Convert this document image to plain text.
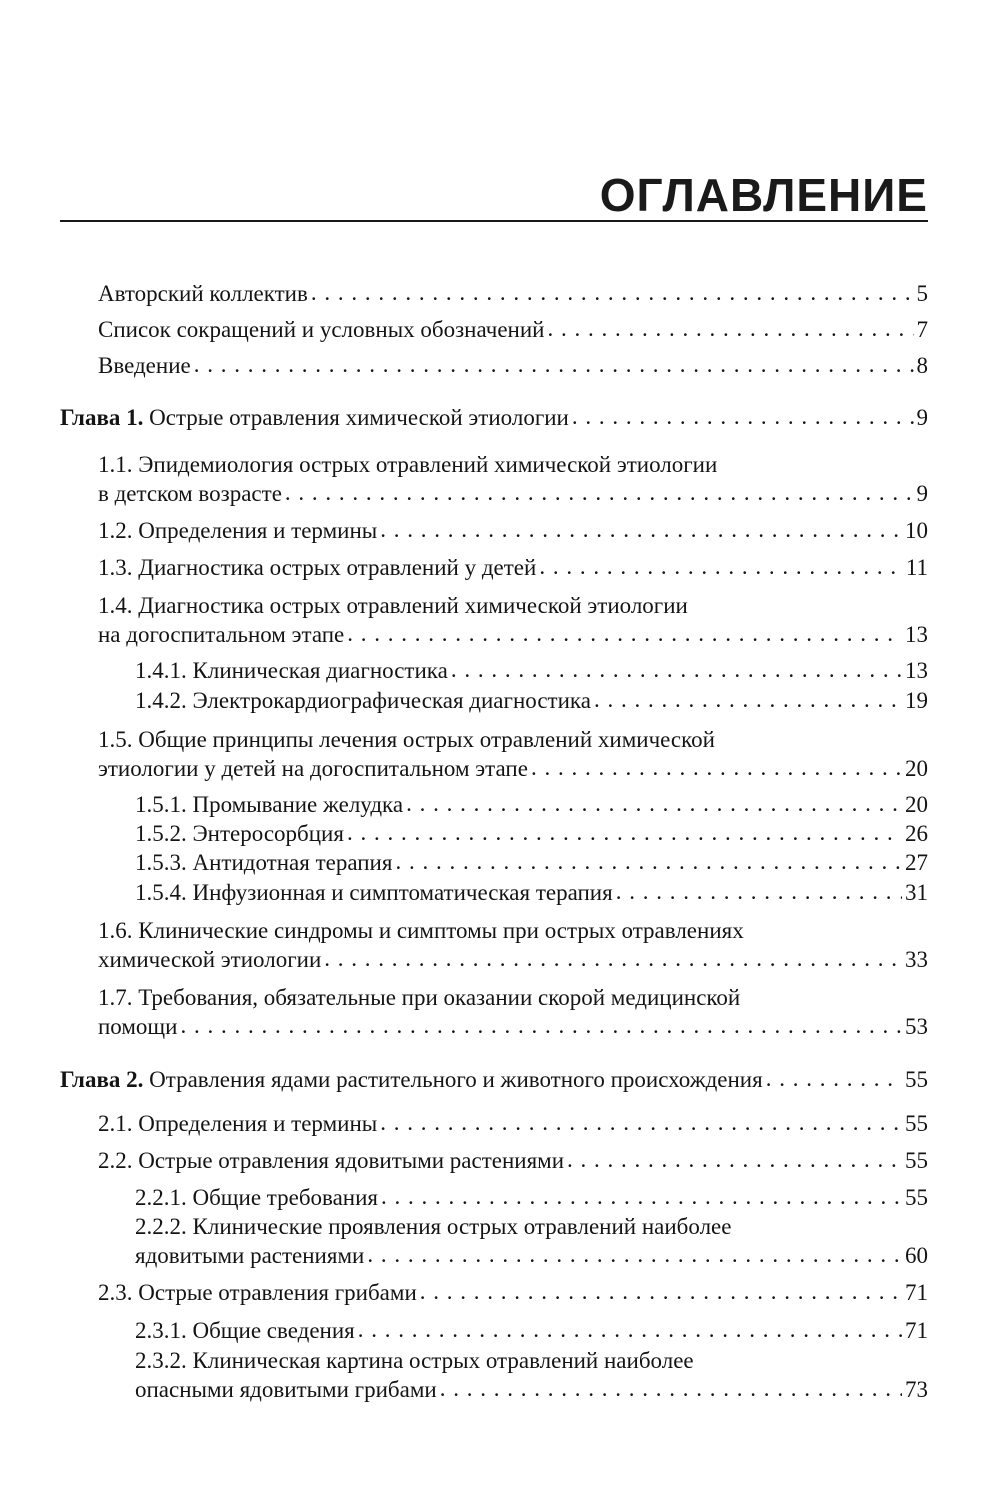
ОГЛАВЛЕНИЕ
Авторский коллектив . . .	5
Список сокращений и условных обозначений . . .	7
Введение . . .	8
Глава 1. Острые отравления химической этиологии . . .	9
1.1. Эпидемиология острых отравлений химической этиологии
в детском возрасте . . .	9
1.2. Определения и термины . . .	10
1.3. Диагностика острых отравлений у детей . . .	11
1.4. Диагностика острых отравлений химической этиологии
на догоспитальном этапе . . .	13
1.4.1. Клиническая диагностика . . .	13
1.4.2. Электрокардиографическая диагностика . . .	19
1.5. Общие принципы лечения острых отравлений химической
этиологии у детей на догоспитальном этапе . . .	20
1.5.1. Промывание желудка . . .	20
1.5.2. Энтеросорбция . . .	26
1.5.3. Антидотная терапия . . .	27
1.5.4. Инфузионная и симптоматическая терапия . . .	31
1.6. Клинические синдромы и симптомы при острых отравлениях
химической этиологии . . .	33
1.7. Требования, обязательные при оказании скорой медицинской
помощи . . .	53
Глава 2. Отравления ядами растительного и животного происхождения . . .	55
2.1. Определения и термины . . .	55
2.2. Острые отравления ядовитыми растениями . . .	55
2.2.1. Общие требования . . .	55
2.2.2. Клинические проявления острых отравлений наиболее
ядовитыми растениями . . .	60
2.3. Острые отравления грибами . . .	71
2.3.1. Общие сведения . . .	71
2.3.2. Клиническая картина острых отравлений наиболее
опасными ядовитыми грибами . . .	73
